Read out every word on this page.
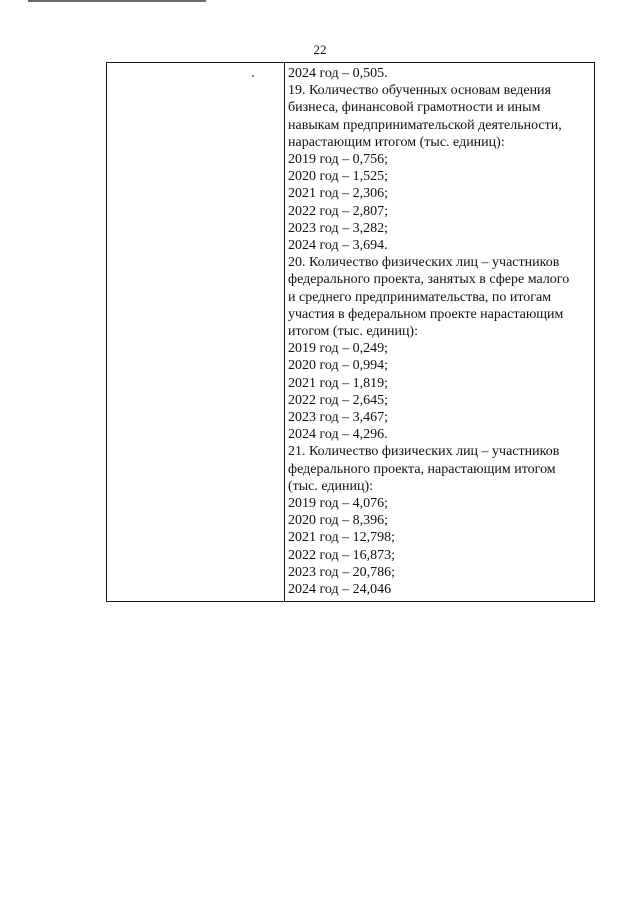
22
2024 год – 0,505.
19. Количество обученных основам ведения
бизнеса, финансовой грамотности и иным
навыкам предпринимательской деятельности,
нарастающим итогом (тыс. единиц):
2019 год – 0,756;
2020 год – 1,525;
2021 год – 2,306;
2022 год – 2,807;
2023 год – 3,282;
2024 год – 3,694.
20. Количество физических лиц – участников
федерального проекта, занятых в сфере малого
и среднего предпринимательства, по итогам
участия в федеральном проекте нарастающим
итогом (тыс. единиц):
2019 год – 0,249;
2020 год – 0,994;
2021 год – 1,819;
2022 год – 2,645;
2023 год – 3,467;
2024 год – 4,296.
21. Количество физических лиц – участников
федерального проекта, нарастающим итогом
(тыс. единиц):
2019 год – 4,076;
2020 год – 8,396;
2021 год – 12,798;
2022 год – 16,873;
2023 год – 20,786;
2024 год – 24,046
